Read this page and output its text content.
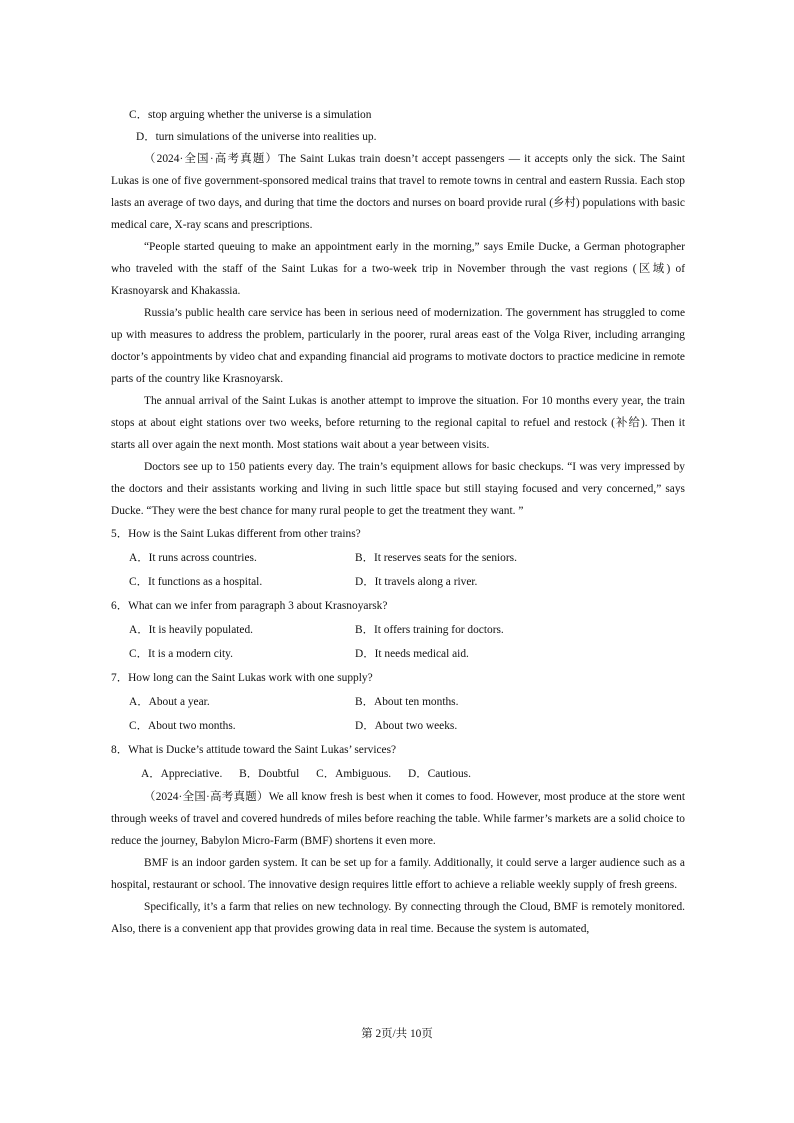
C．stop arguing whether the universe is a simulation
D．turn simulations of the universe into realities up.

（2024·全国·高考真题）The Saint Lukas train doesn’t accept passengers — it accepts only the sick. The Saint Lukas is one of five government-sponsored medical trains that travel to remote towns in central and eastern Russia. Each stop lasts an average of two days, and during that time the doctors and nurses on board provide rural (乡村) populations with basic medical care, X-ray scans and prescriptions.

“People started queuing to make an appointment early in the morning,” says Emile Ducke, a German photographer who traveled with the staff of the Saint Lukas for a two-week trip in November through the vast regions (区域) of Krasnoyarsk and Khakassia.

Russia’s public health care service has been in serious need of modernization. The government has struggled to come up with measures to address the problem, particularly in the poorer, rural areas east of the Volga River, including arranging doctor’s appointments by video chat and expanding financial aid programs to motivate doctors to practice medicine in remote parts of the country like Krasnoyarsk.

The annual arrival of the Saint Lukas is another attempt to improve the situation. For 10 months every year, the train stops at about eight stations over two weeks, before returning to the regional capital to refuel and restock (补给). Then it starts all over again the next month. Most stations wait about a year between visits.

Doctors see up to 150 patients every day. The train’s equipment allows for basic checkups. “I was very impressed by the doctors and their assistants working and living in such little space but still staying focused and very concerned,” says Ducke. “They were the best chance for many rural people to get the treatment they want. ”

5．How is the Saint Lukas different from other trains?

A．It runs across countries.	B．It reserves seats for the seniors.
C．It functions as a hospital.	D．It travels along a river.

6．What can we infer from paragraph 3 about Krasnoyarsk?

A．It is heavily populated.	B．It offers training for doctors.
C．It is a modern city.	D．It needs medical aid.

7．How long can the Saint Lukas work with one supply?

A．About a year.	B．About ten months.
C．About two months.	D．About two weeks.

8．What is Ducke’s attitude toward the Saint Lukas’ services?

A．Appreciative. B．Doubtful C．Ambiguous. D．Cautious.

（2024·全国·高考真题）We all know fresh is best when it comes to food. However, most produce at the store went through weeks of travel and covered hundreds of miles before reaching the table. While farmer’s markets are a solid choice to reduce the journey, Babylon Micro-Farm (BMF) shortens it even more.

BMF is an indoor garden system. It can be set up for a family. Additionally, it could serve a larger audience such as a hospital, restaurant or school. The innovative design requires little effort to achieve a reliable weekly supply of fresh greens.

Specifically, it’s a farm that relies on new technology. By connecting through the Cloud, BMF is remotely monitored. Also, there is a convenient app that provides growing data in real time. Because the system is automated,

第 2页/共 10页
